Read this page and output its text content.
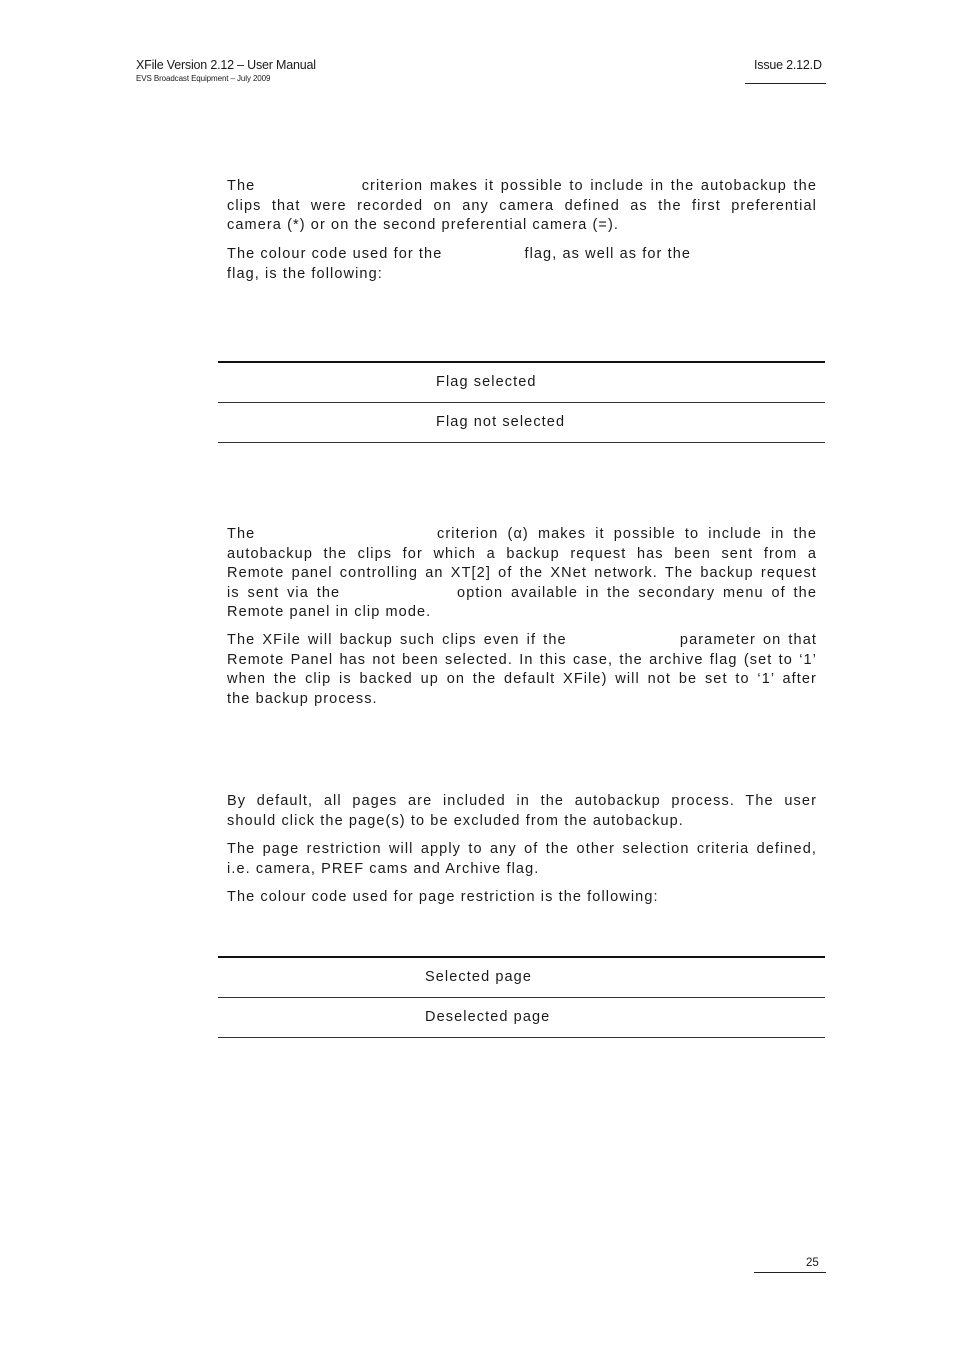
XFile Version 2.12 – User Manual
EVS Broadcast Equipment – July 2009
Issue 2.12.D
The                criterion makes it possible to include in the autobackup the
clips that were recorded on any camera defined as the first preferential
camera (*) or on the second preferential camera (=).
The colour code used for the                flag, as well as for the
flag, is the following:
Flag selected
Flag not selected
The                    criterion (α) makes it possible to include in the
autobackup the clips for which a backup request has been sent from a
Remote panel controlling an XT[2] of the XNet network. The backup request
is sent via the               option available in the secondary menu of the
Remote panel in clip mode.
The XFile will backup such clips even if the                parameter on that
Remote Panel has not been selected. In this case, the archive flag (set to ‘1’
when the clip is backed up on the default XFile) will not be set to ‘1’ after
the backup process.
By default, all pages are included in the autobackup process. The user
should click the page(s) to be excluded from the autobackup.
The page restriction will apply to any of the other selection criteria defined,
i.e. camera, PREF cams and Archive flag.
The colour code used for page restriction is the following:
Selected page
Deselected page
25
